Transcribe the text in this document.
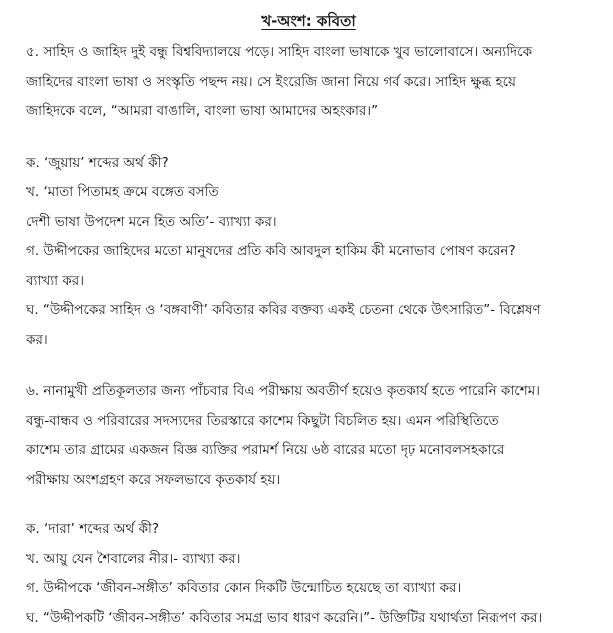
খ-অংশ: কবিতা

৫. সাহিদ ও জাহিদ দুই বন্ধু বিশ্ববিদ্যালয়ে পড়ে। সাহিদ বাংলা ভাষাকে খুব ভালোবাসে। অন্যদিকে

জাহিদের বাংলা ভাষা ও সংস্কৃতি পছন্দ নয়। সে ইংরেজি জানা নিয়ে গর্ব করে। সাহিদ ক্ষুব্ধ হয়ে

জাহিদকে বলে, “আমরা বাঙালি, বাংলা ভাষা আমাদের অহংকার।”

ক. ‘জুয়ায়’ শব্দের অর্থ কী?

খ. ‘মাতা পিতামহ ক্রমে বঙ্গেত বসতি

দেশী ভাষা উপদেশ মনে হিত অতি’- ব্যাখ্যা কর।

গ. উদ্দীপকের জাহিদের মতো মানুষদের প্রতি কবি আবদুল হাকিম কী মনোভাব পোষণ করেন?

ব্যাখ্যা কর।

ঘ. “উদ্দীপকের সাহিদ ও ‘বঙ্গবাণী’ কবিতার কবির বক্তব্য একই চেতনা থেকে উৎসারিত”- বিশ্লেষণ

কর।

৬. নানামুখী প্রতিকূলতার জন্য পাঁচবার বিএ পরীক্ষায় অবতীর্ণ হয়েও কৃতকার্য হতে পারেনি কাশেম।

বন্ধু-বান্ধব ও পরিবারের সদস্যদের তিরস্কারে কাশেম কিছুটা বিচলিত হয়। এমন পরিস্থিতিতে

কাশেম তার গ্রামের একজন বিজ্ঞ ব্যক্তির পরামর্শ নিয়ে ৬ষ্ঠ বারের মতো দৃঢ় মনোবলসহকারে

পরীক্ষায় অংশগ্রহণ করে সফলভাবে কৃতকার্য হয়।

ক. ‘দারা’ শব্দের অর্থ কী?

খ. আয়ু যেন শৈবালের নীর।- ব্যাখ্যা কর।

গ. উদ্দীপকে ‘জীবন-সঙ্গীত’ কবিতার কোন দিকটি উন্মোচিত হয়েছে তা ব্যাখ্যা কর।

ঘ. “উদ্দীপকটি ‘জীবন-সঙ্গীত’ কবিতার সমগ্র ভাব ধারণ করেনি।”- উক্তিটির যথার্থতা নিরূপণ কর।
